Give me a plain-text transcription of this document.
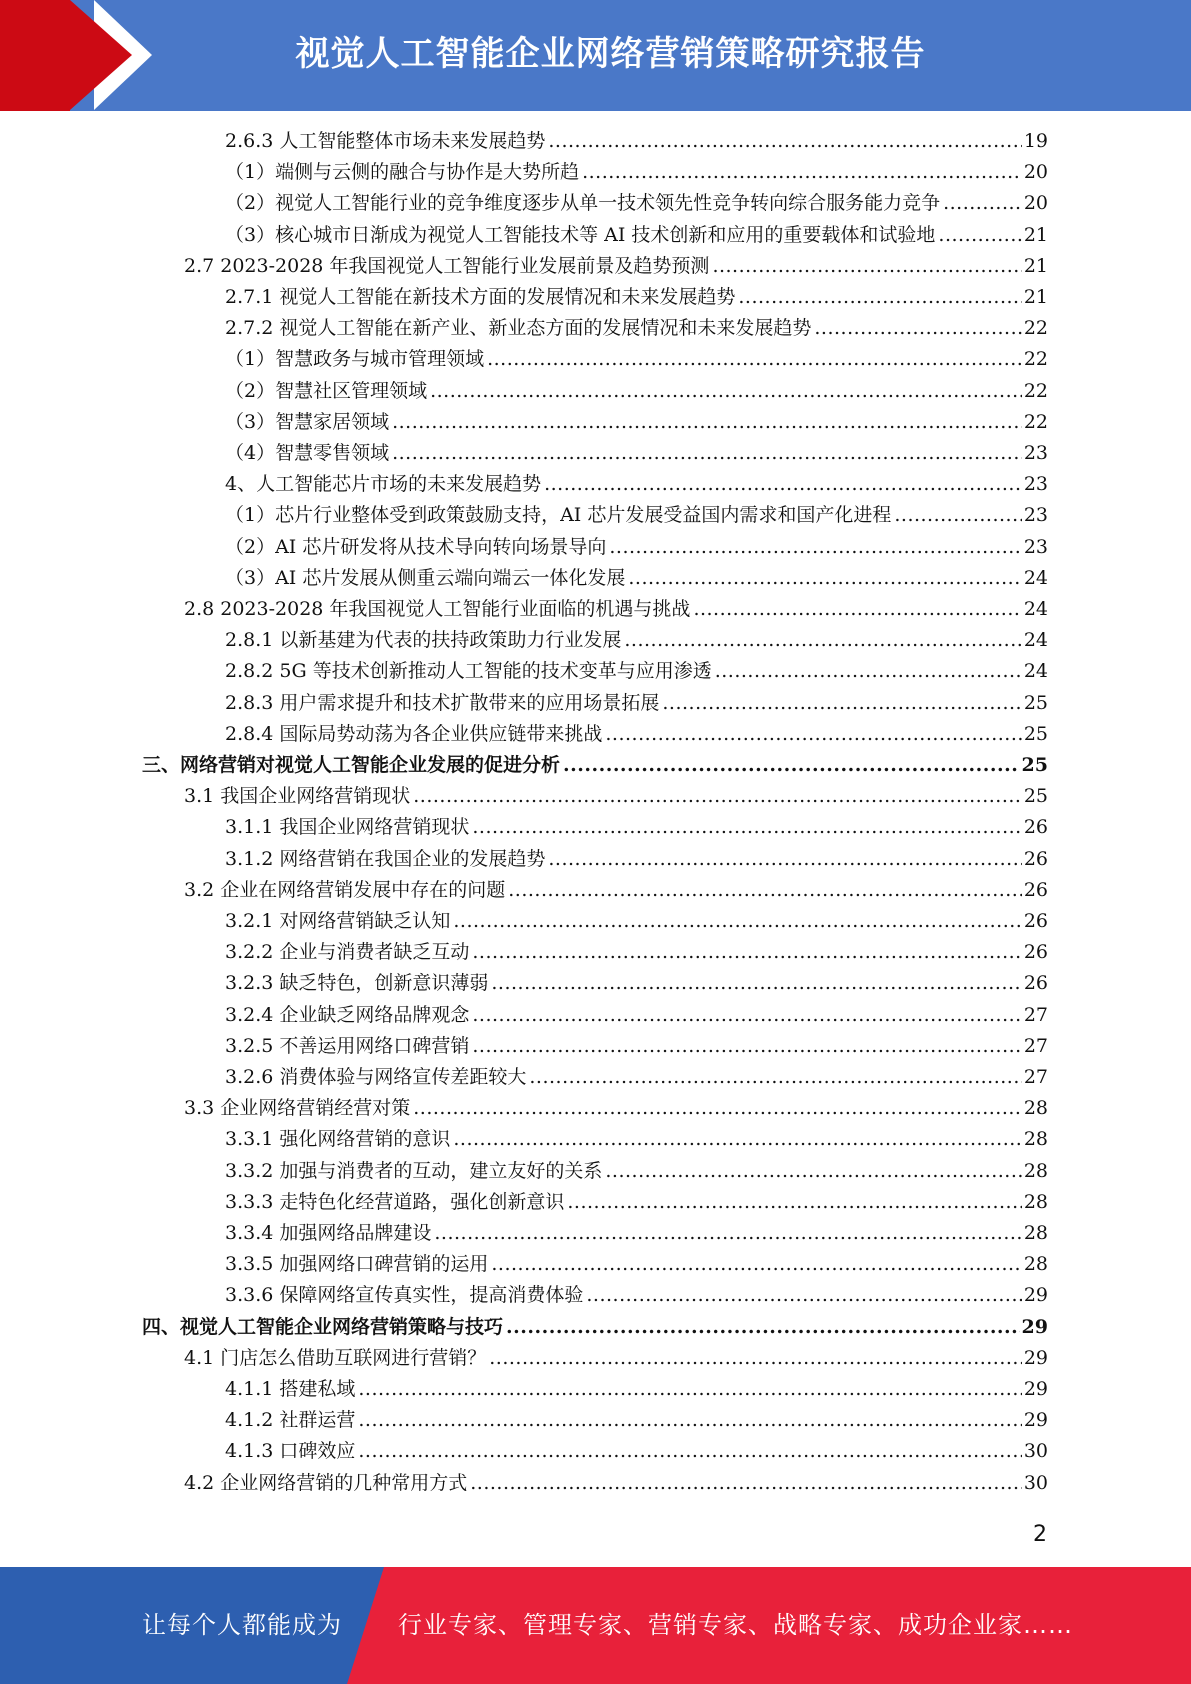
视觉人工智能企业网络营销策略研究报告
2.6.3 人工智能整体市场未来发展趋势 .....	19
（1）端侧与云侧的融合与协作是大势所趋 .....	20
（2）视觉人工智能行业的竞争维度逐步从单一技术领先性竞争转向综合服务能力竞争 .....	20
（3）核心城市日渐成为视觉人工智能技术等 AI 技术创新和应用的重要载体和试验地 .....	21
2.7 2023-2028 年我国视觉人工智能行业发展前景及趋势预测 .....	21
2.7.1 视觉人工智能在新技术方面的发展情况和未来发展趋势 .....	21
2.7.2 视觉人工智能在新产业、新业态方面的发展情况和未来发展趋势 .....	22
（1）智慧政务与城市管理领域 .....	22
（2）智慧社区管理领域 .....	22
（3）智慧家居领域 .....	22
（4）智慧零售领域 .....	23
4、人工智能芯片市场的未来发展趋势 .....	23
（1）芯片行业整体受到政策鼓励支持，AI 芯片发展受益国内需求和国产化进程 .....	23
（2）AI 芯片研发将从技术导向转向场景导向 .....	23
（3）AI 芯片发展从侧重云端向端云一体化发展 .....	24
2.8 2023-2028 年我国视觉人工智能行业面临的机遇与挑战 .....	24
2.8.1 以新基建为代表的扶持政策助力行业发展 .....	24
2.8.2 5G 等技术创新推动人工智能的技术变革与应用渗透 .....	24
2.8.3 用户需求提升和技术扩散带来的应用场景拓展 .....	25
2.8.4 国际局势动荡为各企业供应链带来挑战 .....	25
三、网络营销对视觉人工智能企业发展的促进分析 .....	25
3.1 我国企业网络营销现状 .....	25
3.1.1 我国企业网络营销现状 .....	26
3.1.2 网络营销在我国企业的发展趋势 .....	26
3.2 企业在网络营销发展中存在的问题 .....	26
3.2.1 对网络营销缺乏认知 .....	26
3.2.2 企业与消费者缺乏互动 .....	26
3.2.3 缺乏特色，创新意识薄弱 .....	26
3.2.4 企业缺乏网络品牌观念 .....	27
3.2.5 不善运用网络口碑营销 .....	27
3.2.6 消费体验与网络宣传差距较大 .....	27
3.3 企业网络营销经营对策 .....	28
3.3.1 强化网络营销的意识 .....	28
3.3.2 加强与消费者的互动，建立友好的关系 .....	28
3.3.3 走特色化经营道路，强化创新意识 .....	28
3.3.4 加强网络品牌建设 .....	28
3.3.5 加强网络口碑营销的运用 .....	28
3.3.6 保障网络宣传真实性，提高消费体验 .....	29
四、视觉人工智能企业网络营销策略与技巧 .....	29
4.1 门店怎么借助互联网进行营销？ .....	29
4.1.1 搭建私域 .....	29
4.1.2 社群运营 .....	29
4.1.3 口碑效应 .....	30
4.2 企业网络营销的几种常用方式 .....	30
2
让每个人都能成为 行业专家、管理专家、营销专家、战略专家、成功企业家……
